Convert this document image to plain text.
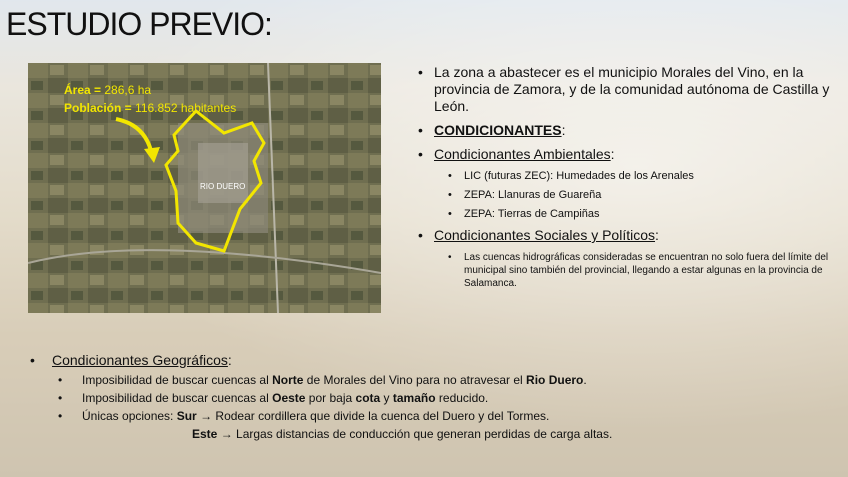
ESTUDIO PREVIO:
RIO DUERO
Área = 286,6 ha
Población = 116.852 habitantes
• La zona a abastecer es el municipio Morales del Vino, en la provincia de Zamora, y de la comunidad autónoma de Castilla y León.
• CONDICIONANTES:
• Condicionantes Ambientales:
• LIC (futuras ZEC): Humedades de los Arenales
• ZEPA: Llanuras de Guareña
• ZEPA: Tierras de Campiñas
• Condicionantes Sociales y Políticos:
• Las cuencas hidrográficas consideradas se encuentran no solo fuera del límite del municipal sino también del provincial, llegando a estar algunas en la provincia de Salamanca.
• Condicionantes Geográficos:
• Imposibilidad de buscar cuencas al Norte de Morales del Vino para no atravesar el Rio Duero.
• Imposibilidad de buscar cuencas al Oeste por baja cota y tamaño reducido.
• Únicas opciones: Sur → Rodear cordillera que divide la cuenca del Duero y del Tormes.
Este → Largas distancias de conducción que generan perdidas de carga altas.
